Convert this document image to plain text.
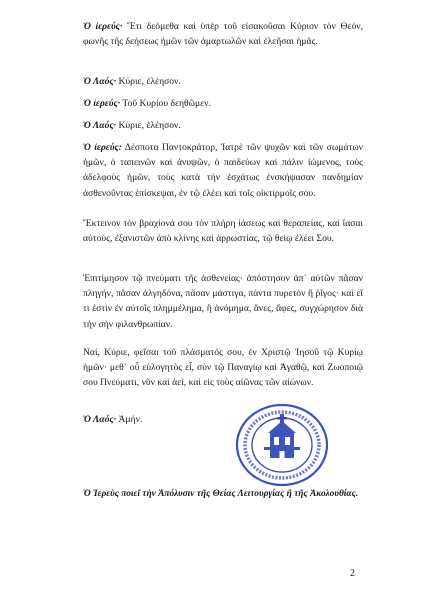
Ὁ ἱερεύς· Ἔτι δεόμεθα καὶ ὑπὲρ τοῦ εἰσακοῦσαι Κύριον τὸν Θεόν, φωνῆς τῆς δεήσεως ἡμῶν τῶν ἁμαρτωλῶν καὶ ἐλεῆσαι ἡμᾶς.

Ὁ Λαός· Κύριε, ἐλέησον.

Ὁ ἱερεύς· Τοῦ Κυρίου δεηθῶμεν.

Ὁ Λαός· Κύριε, ἐλέησον.

Ὁ ἱερεύς: Δέσποτα Παντοκράτορ, Ἰατρὲ τῶν ψυχῶν καὶ τῶν σωμάτων ἡμῶν, ὁ ταπεινῶν καὶ ἀνυψῶν, ὁ παιδεύων καὶ πάλιν ἰώμενος, τοὺς ἀδελφοὺς ἡμῶν, τοὺς κατὰ τὴν ἐσχάτως ἐνσκήψασαν πανδημίαν ἀσθενοῦντας ἐπίσκεψαι, ἐν τῷ ἐλέει καὶ τοῖς οἰκτιρμοῖς σου.

Ἔκτεινον τὸν βραχίονά σου τὸν πλήρη ἰάσεως καὶ θεραπείας, καὶ ἴασαι αὐτούς, ἐξανιστῶν ἀπὸ κλίνης καὶ ἀρρωστίας, τῷ θείῳ ἐλέει Σου.

Ἐπιτίμησον τῷ πνεύματι τῆς ἀσθενείας· ἀπόστησον ἀπ᾽ αὐτῶν πᾶσαν πληγήν, πᾶσαν ἀλγηδόνα, πᾶσαν μάστιγα, πάντα πυρετὸν ἢ ῥῖγος· καὶ εἴ τι ἐστὶν ἐν αὐτοῖς πλημμέλημα, ἢ ἀνόμημα, ἄνες, ἄφες, συγχώρησον διὰ τὴν σὴν φιλανθρωπίαν.

Ναί, Κύριε, φεῖσαι τοῦ πλάσματός σου, ἐν Χριστῷ Ἰησοῦ τῷ Κυρίῳ ἡμῶν· μεθ᾽ οὗ εὐλογητὸς εἶ, σὺν τῷ Παναγίῳ καὶ Ἀγαθῷ, καὶ Ζωοποιῷ σου Πνεύματι, νῦν καὶ ἀεί, καὶ εἰς τοὺς αἰῶνας τῶν αἰώνων.

Ὁ Λαός· Ἀμήν.

Ὁ Ἱερεὺς ποιεῖ τὴν Ἀπόλυσιν τῆς Θείας Λειτουργίας ἢ τῆς Ἀκολουθίας.

2
